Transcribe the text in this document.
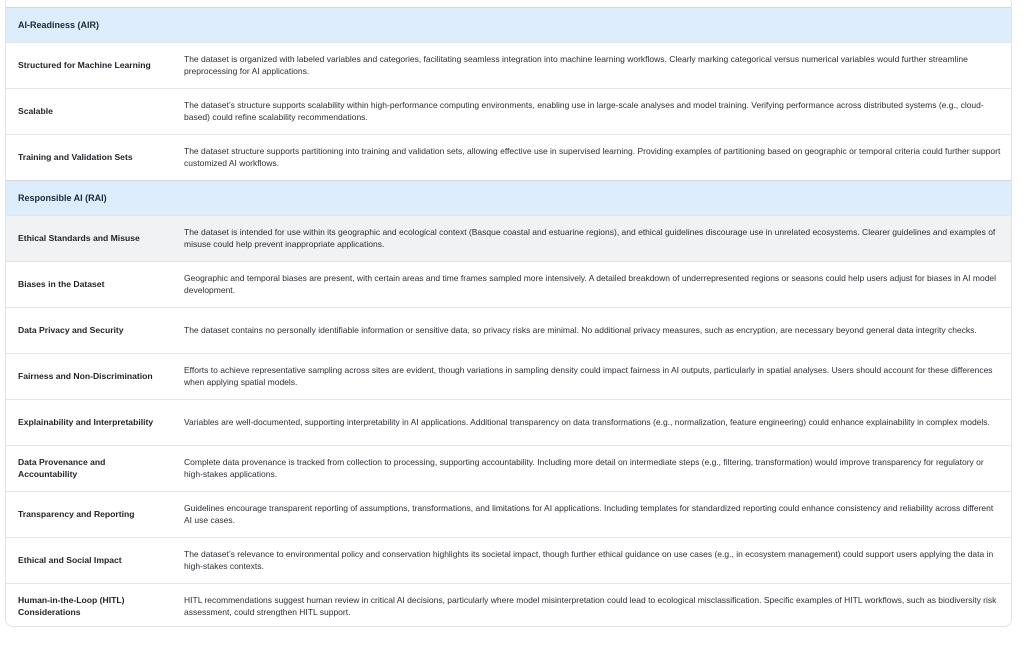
AI-Readiness (AIR)	
Structured for Machine Learning	The dataset is organized with labeled variables and categories, facilitating seamless integration into machine learning workflows. Clearly marking categorical versus numerical variables would further streamline preprocessing for AI applications.
Scalable	The dataset’s structure supports scalability within high-performance computing environments, enabling use in large-scale analyses and model training. Verifying performance across distributed systems (e.g., cloud-based) could refine scalability recommendations.
Training and Validation Sets	The dataset structure supports partitioning into training and validation sets, allowing effective use in supervised learning. Providing examples of partitioning based on geographic or temporal criteria could further support customized AI workflows.
Responsible AI (RAI)	
Ethical Standards and Misuse	The dataset is intended for use within its geographic and ecological context (Basque coastal and estuarine regions), and ethical guidelines discourage use in unrelated ecosystems. Clearer guidelines and examples of misuse could help prevent inappropriate applications.
Biases in the Dataset	Geographic and temporal biases are present, with certain areas and time frames sampled more intensively. A detailed breakdown of underrepresented regions or seasons could help users adjust for biases in AI model development.
Data Privacy and Security	The dataset contains no personally identifiable information or sensitive data, so privacy risks are minimal. No additional privacy measures, such as encryption, are necessary beyond general data integrity checks.
Fairness and Non-Discrimination	Efforts to achieve representative sampling across sites are evident, though variations in sampling density could impact fairness in AI outputs, particularly in spatial analyses. Users should account for these differences when applying spatial models.
Explainability and Interpretability	Variables are well-documented, supporting interpretability in AI applications. Additional transparency on data transformations (e.g., normalization, feature engineering) could enhance explainability in complex models.
Data Provenance and Accountability	Complete data provenance is tracked from collection to processing, supporting accountability. Including more detail on intermediate steps (e.g., filtering, transformation) would improve transparency for regulatory or high-stakes applications.
Transparency and Reporting	Guidelines encourage transparent reporting of assumptions, transformations, and limitations for AI applications. Including templates for standardized reporting could enhance consistency and reliability across different AI use cases.
Ethical and Social Impact	The dataset’s relevance to environmental policy and conservation highlights its societal impact, though further ethical guidance on use cases (e.g., in ecosystem management) could support users applying the data in high-stakes contexts.
Human-in-the-Loop (HITL) Considerations	HITL recommendations suggest human review in critical AI decisions, particularly where model misinterpretation could lead to ecological misclassification. Specific examples of HITL workflows, such as biodiversity risk assessment, could strengthen HITL support.
